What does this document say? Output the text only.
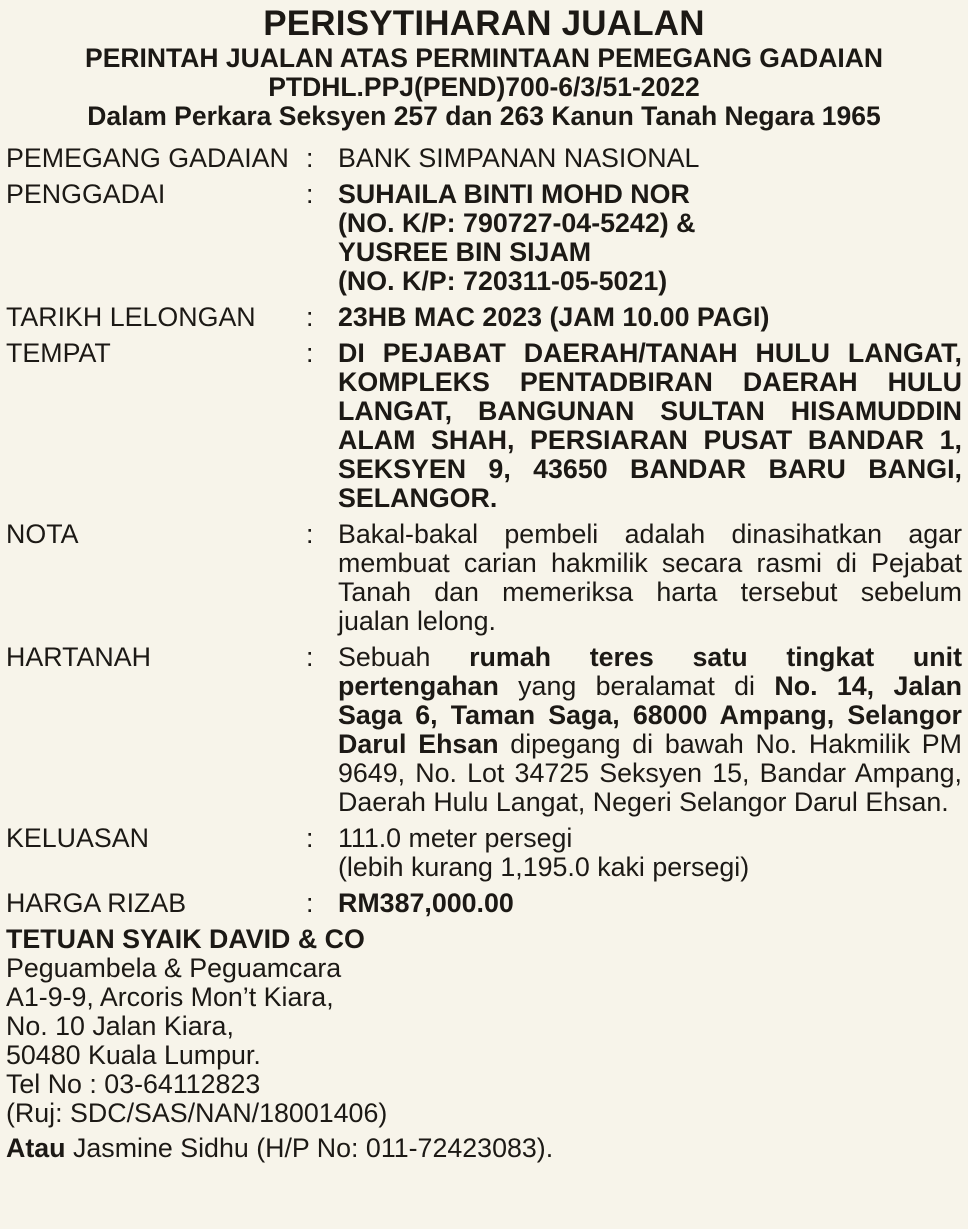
PERISYTIHARAN JUALAN
PERINTAH JUALAN ATAS PERMINTAAN PEMEGANG GADAIAN
PTDHL.PPJ(PEND)700-6/3/51-2022
Dalam Perkara Seksyen 257 dan 263 Kanun Tanah Negara 1965
PEMEGANG GADAIAN : BANK SIMPANAN NASIONAL
PENGGADAI	: SUHAILA BINTI MOHD NOR
(NO. K/P: 790727-04-5242) &
YUSREE BIN SIJAM
(NO. K/P: 720311-05-5021)
TARIKH LELONGAN	: 23HB MAC 2023 (JAM 10.00 PAGI)
TEMPAT	: DI PEJABAT DAERAH/TANAH HULU LANGAT, KOMPLEKS PENTADBIRAN DAERAH HULU LANGAT, BANGUNAN SULTAN HISAMUDDIN ALAM SHAH, PERSIARAN PUSAT BANDAR 1, SEKSYEN 9, 43650 BANDAR BARU BANGI, SELANGOR.
NOTA	: Bakal-bakal pembeli adalah dinasihatkan agar membuat carian hakmilik secara rasmi di Pejabat Tanah dan memeriksa harta tersebut sebelum jualan lelong.
HARTANAH	: Sebuah rumah teres satu tingkat unit pertengahan yang beralamat di No. 14, Jalan Saga 6, Taman Saga, 68000 Ampang, Selangor Darul Ehsan dipegang di bawah No. Hakmilik PM 9649, No. Lot 34725 Seksyen 15, Bandar Ampang, Daerah Hulu Langat, Negeri Selangor Darul Ehsan.
KELUASAN	: 111.0 meter persegi
(lebih kurang 1,195.0 kaki persegi)
HARGA RIZAB	: RM387,000.00
TETUAN SYAIK DAVID & CO
Peguambela & Peguamcara
A1-9-9, Arcoris Mon’t Kiara,
No. 10 Jalan Kiara,
50480 Kuala Lumpur.
Tel No : 03-64112823
(Ruj: SDC/SAS/NAN/18001406)
Atau Jasmine Sidhu (H/P No: 011-72423083).
